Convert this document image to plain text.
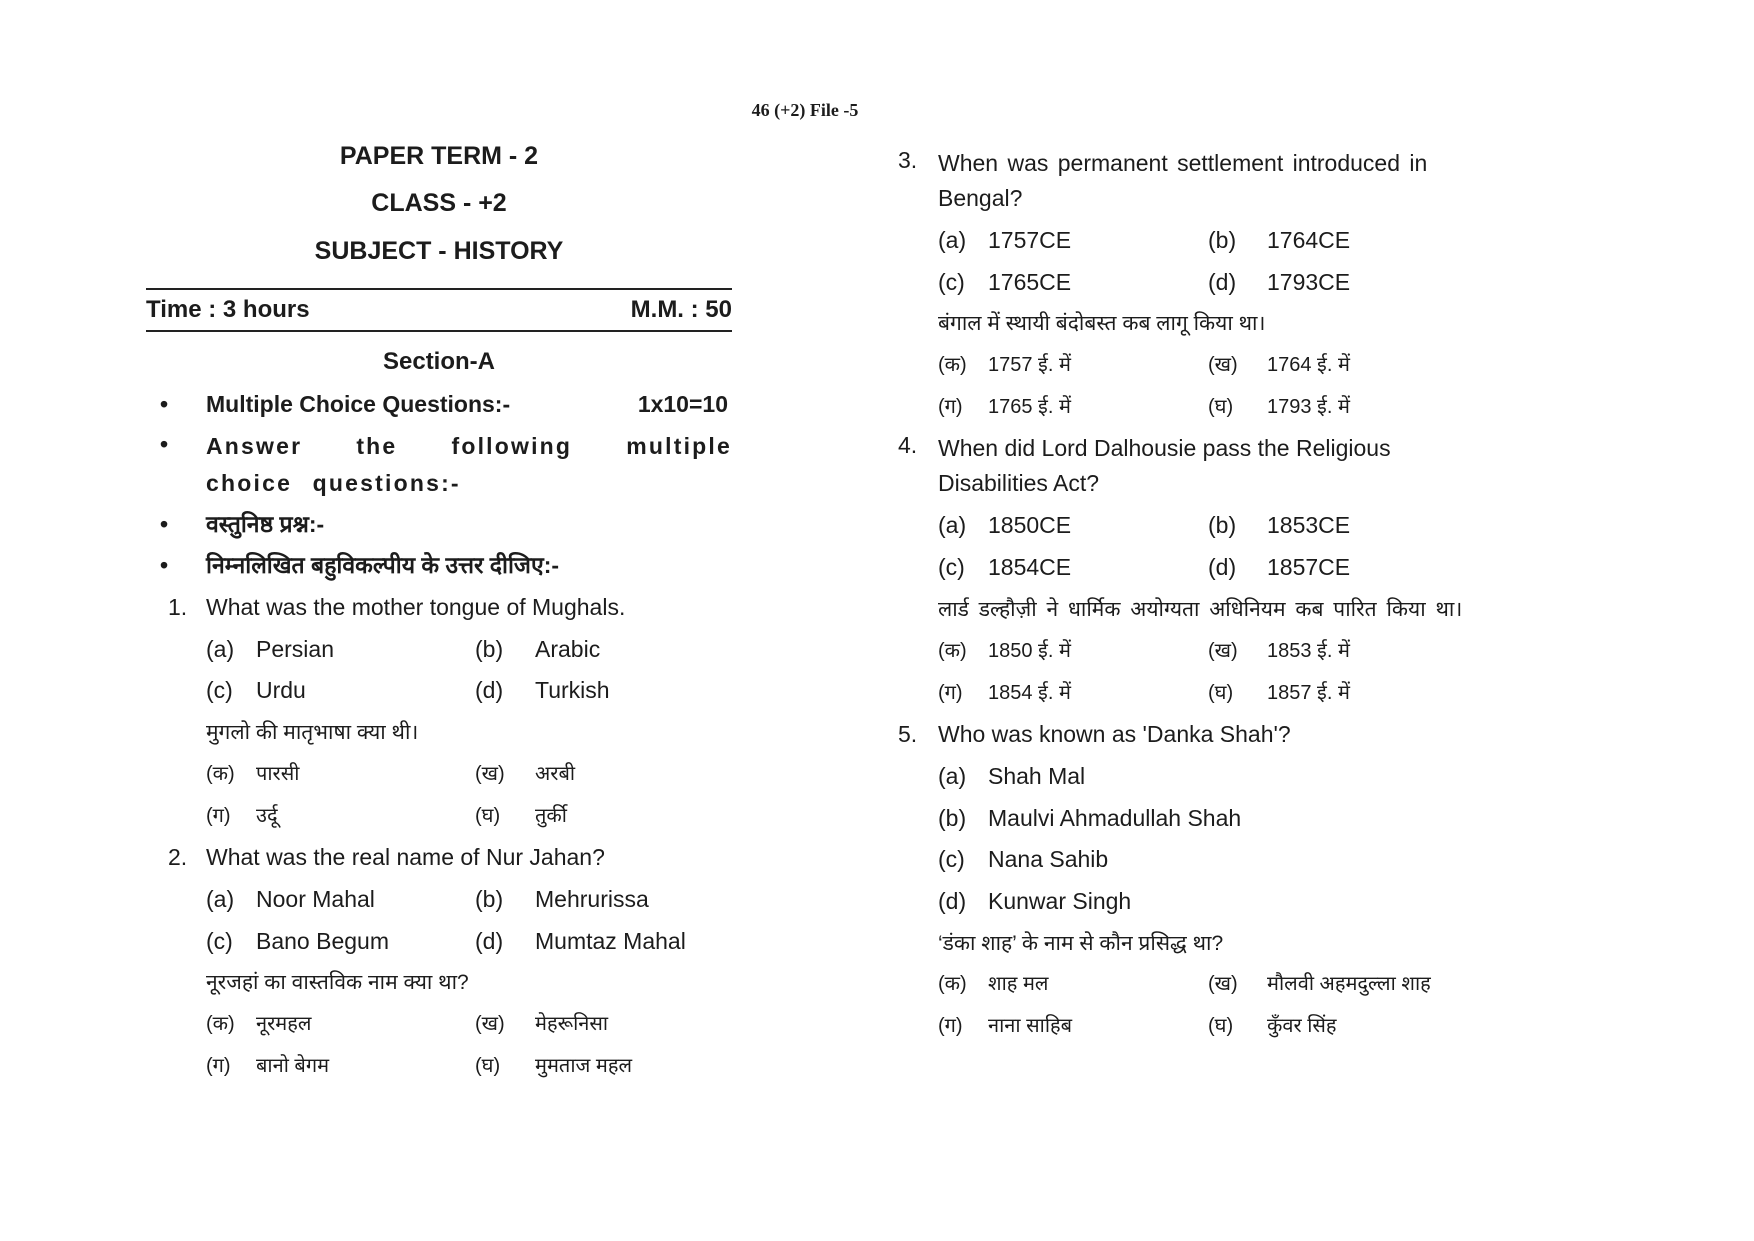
46 (+2) File -5
PAPER TERM - 2
CLASS - +2
SUBJECT - HISTORY
Time : 3 hours	M.M. : 50
Section-A
• Multiple Choice Questions:-	1x10=10
• Answer the following multiple choice questions:-
• वस्तुनिष्ठ प्रश्न:-
• निम्नलिखित बहुविकल्पीय के उत्तर दीजिए:-
1. What was the mother tongue of Mughals.
(a) Persian	(b)	Arabic
(c)	Urdu	(d)	Turkish
मुगलो की मातृभाषा क्या थी।
(क)	पारसी	(ख)	अरबी
(ग)	उर्दू	(घ)	तुर्की
2. What was the real name of Nur Jahan?
(a) Noor Mahal	(b)	Mehrurissa
(c)	Bano Begum	(d)	Mumtaz Mahal
नूरजहां का वास्तविक नाम क्या था?
(क)	नूरमहल	(ख)	मेहरूनिसा
(ग)	बानो बेगम	(घ)	मुमताज महल
3. When was permanent settlement introduced in Bengal?
(a) 1757CE	(b)	1764CE
(c)	1765CE	(d)	1793CE
बंगाल में स्थायी बंदोबस्त कब लागू किया था।
(क)	1757 ई. में	(ख)	1764 ई. में
(ग)	1765 ई. में	(घ)	1793 ई. में
4. When did Lord Dalhousie pass the Religious Disabilities Act?
(a) 1850CE	(b)	1853CE
(c)	1854CE	(d)	1857CE
लार्ड डल्हौज़ी ने धार्मिक अयोग्यता अधिनियम कब पारित किया था।
(क)	1850 ई. में	(ख)	1853 ई. में
(ग)	1854 ई. में	(घ)	1857 ई. में
5. Who was known as 'Danka Shah'?
(a) Shah Mal
(b) Maulvi Ahmadullah Shah
(c)	Nana Sahib
(d) Kunwar Singh
‘डंका शाह’ के नाम से कौन प्रसिद्ध था?
(क)	शाह मल	(ख)	मौलवी अहमदुल्ला शाह
(ग)	नाना साहिब	(घ)	कुँवर सिंह
